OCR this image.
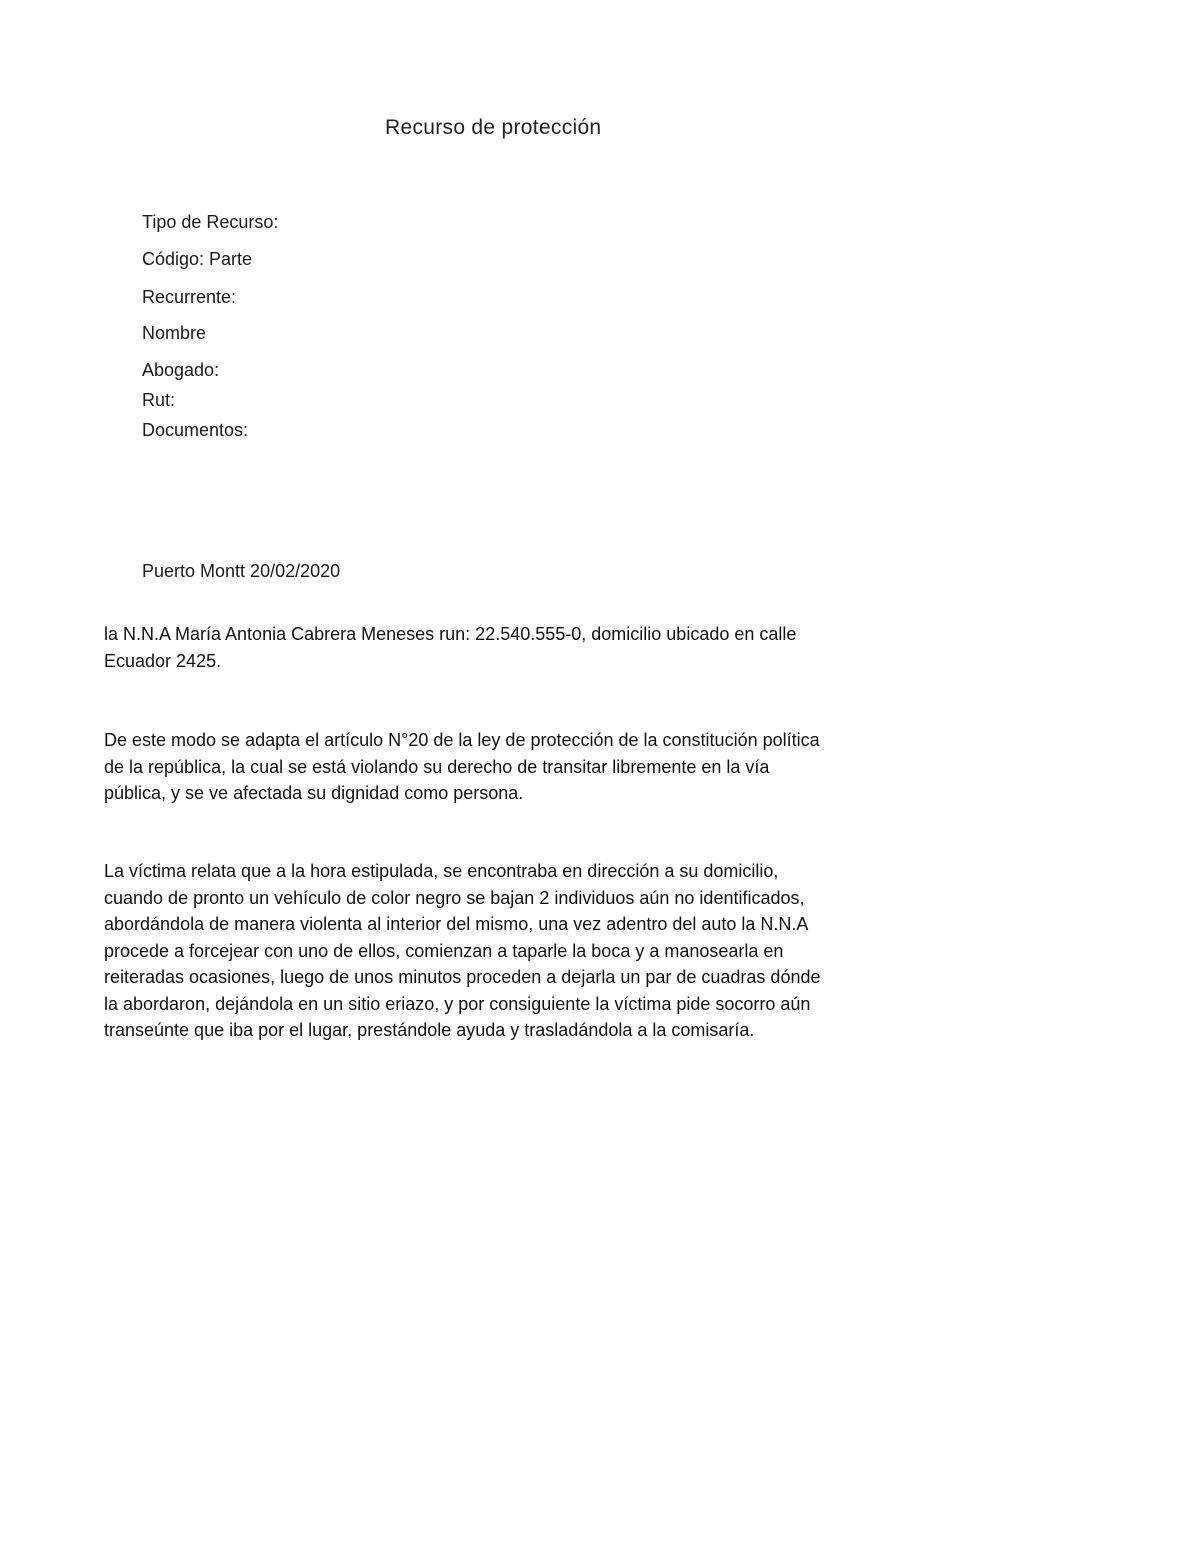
Recurso de protección
Tipo de Recurso:
Código: Parte
Recurrente:
Nombre
Abogado:
Rut:
Documentos:
Puerto Montt 20/02/2020

la N.N.A María Antonia Cabrera Meneses run: 22.540.555-0, domicilio ubicado en calle
Ecuador 2425.

De este modo se adapta el artículo N°20 de la ley de protección de la constitución política
de la república, la cual se está violando su derecho de transitar libremente en la vía
pública, y se ve afectada su dignidad como persona.

La víctima relata que a la hora estipulada, se encontraba en dirección a su domicilio,
cuando de pronto un vehículo de color negro se bajan 2 individuos aún no identificados,
abordándola de manera violenta al interior del mismo, una vez adentro del auto la N.N.A
procede a forcejear con uno de ellos, comienzan a taparle la boca y a manosearla en
reiteradas ocasiones, luego de unos minutos proceden a dejarla un par de cuadras dónde
la abordaron, dejándola en un sitio eriazo, y por consiguiente la víctima pide socorro aún
transeúnte que iba por el lugar, prestándole ayuda y trasladándola a la comisaría.
